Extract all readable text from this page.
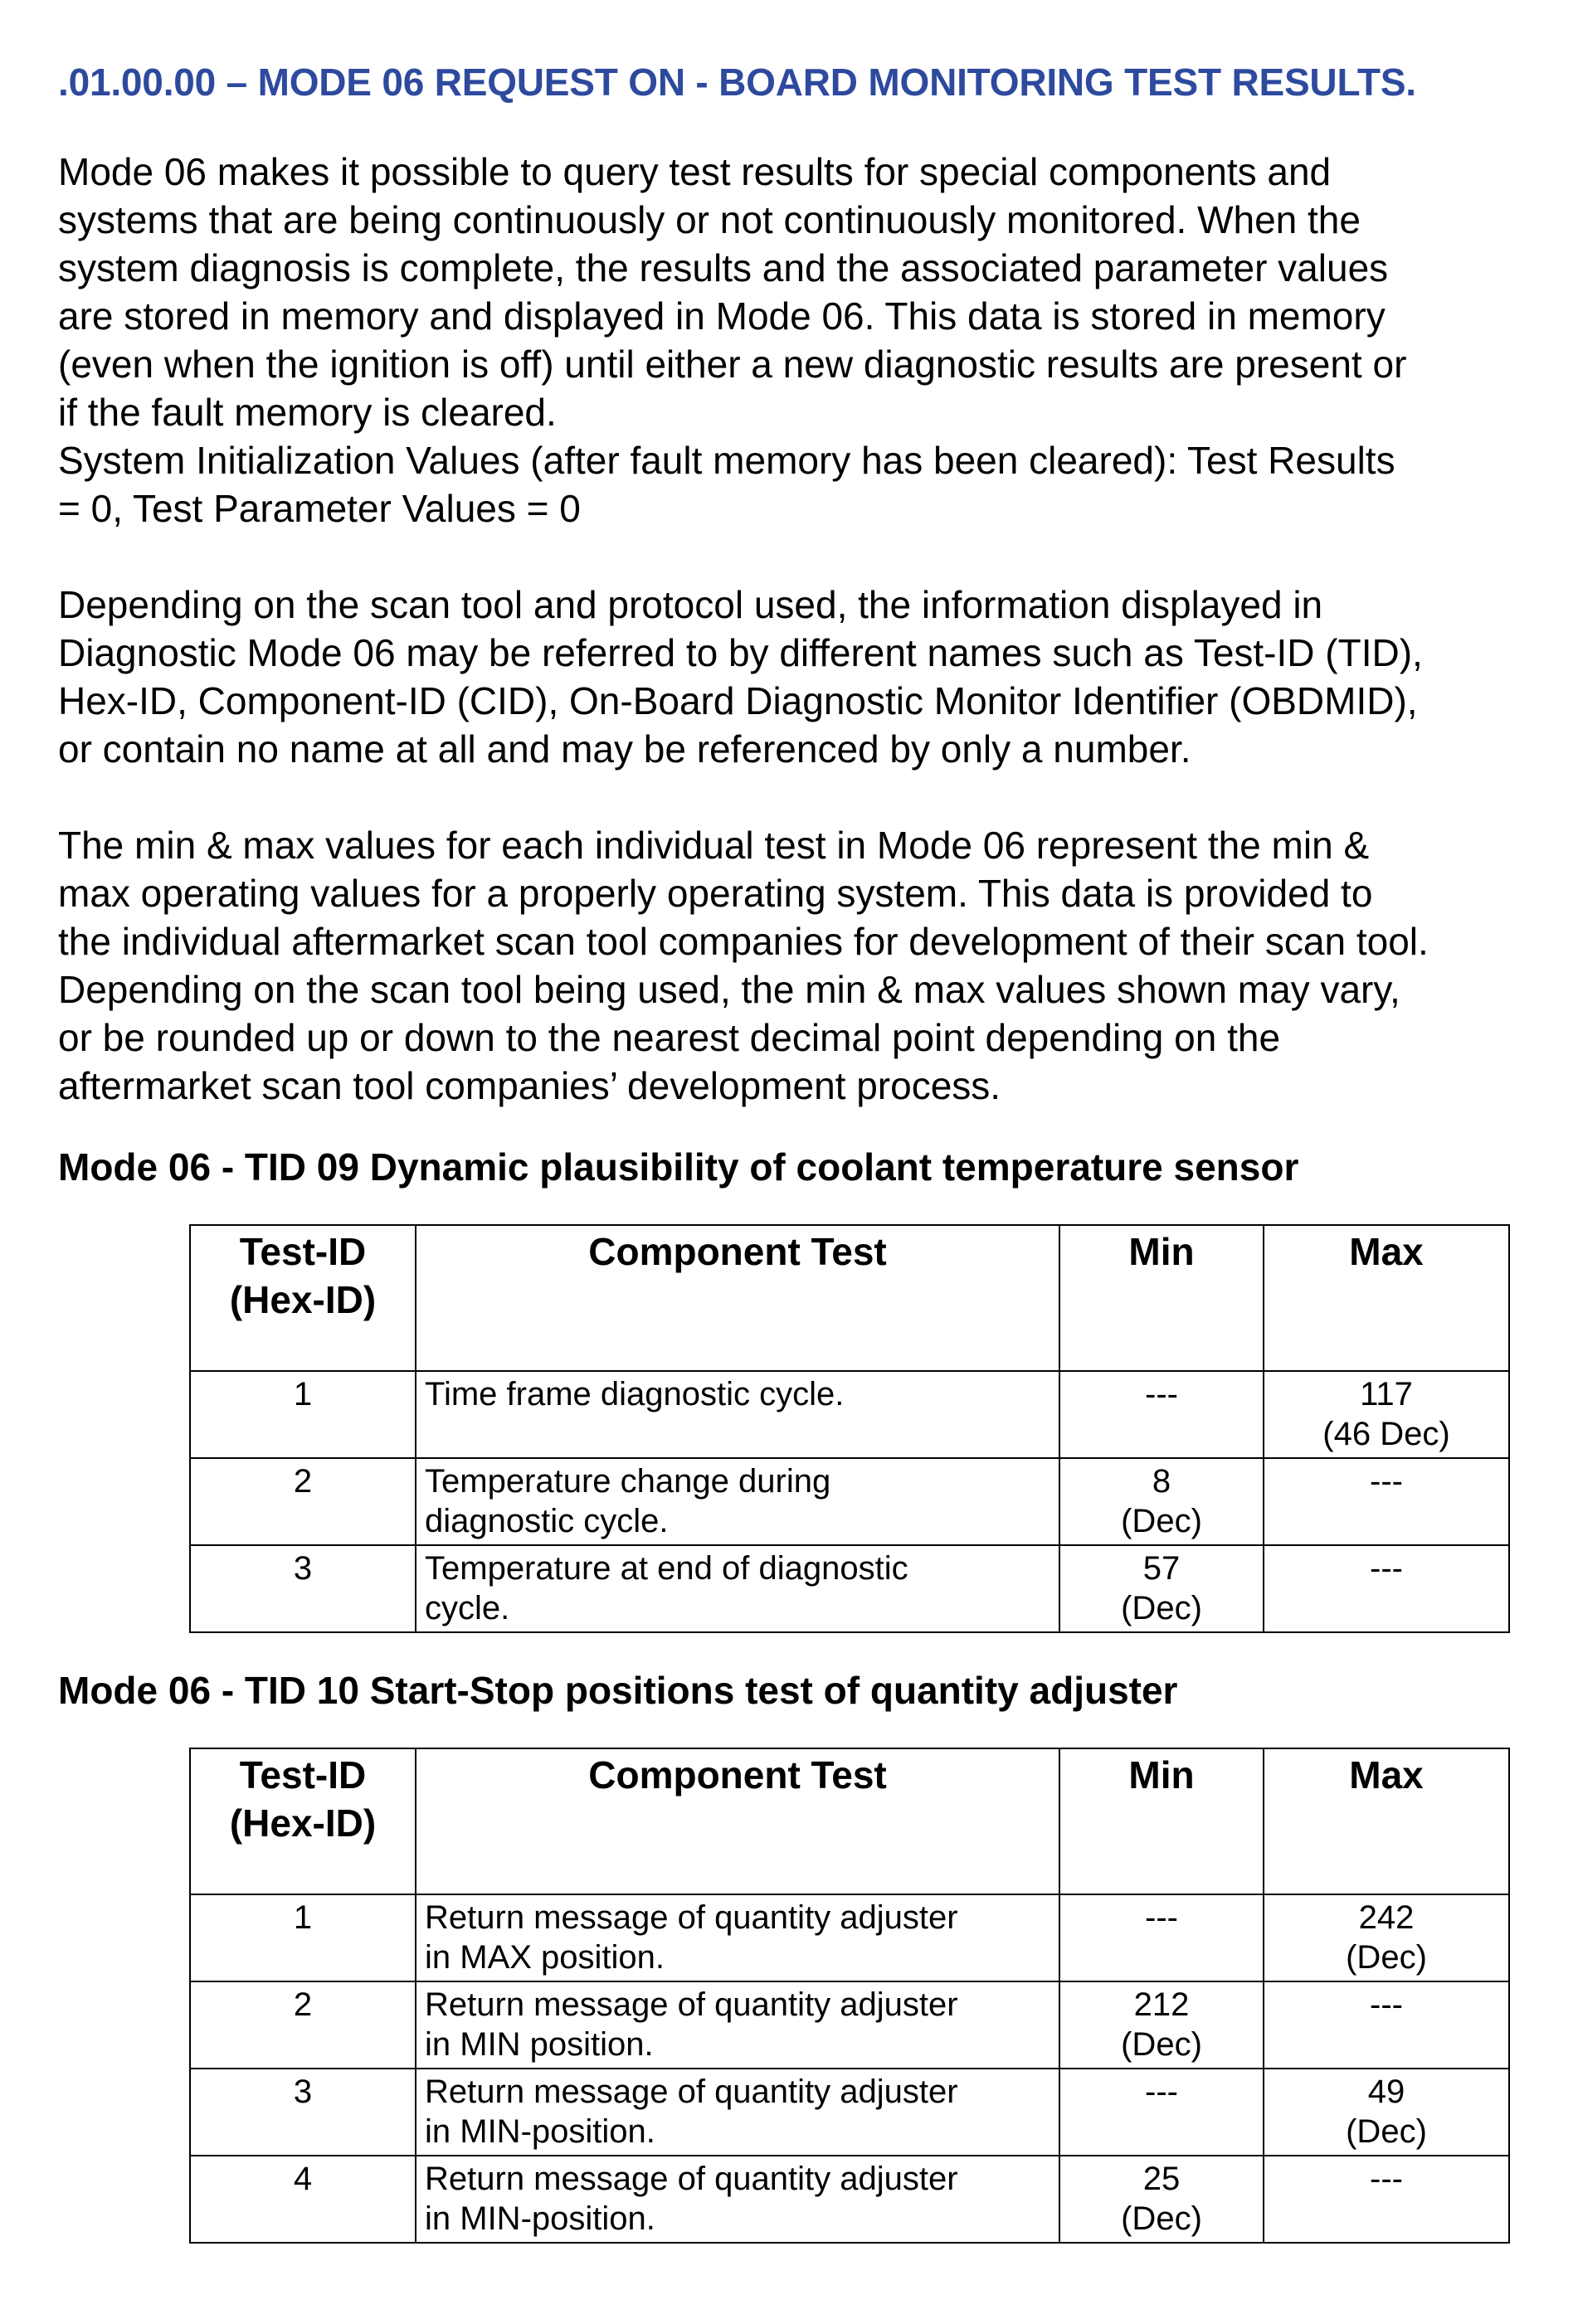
.01.00.00 – MODE 06 REQUEST ON - BOARD MONITORING TEST RESULTS.

Mode 06 makes it possible to query test results for special components and
systems that are being continuously or not continuously monitored. When the
system diagnosis is complete, the results and the associated parameter values
are stored in memory and displayed in Mode 06. This data is stored in memory
(even when the ignition is off) until either a new diagnostic results are present or
if the fault memory is cleared.
System Initialization Values (after fault memory has been cleared): Test Results
= 0, Test Parameter Values = 0

Depending on the scan tool and protocol used, the information displayed in
Diagnostic Mode 06 may be referred to by different names such as Test-ID (TID),
Hex-ID, Component-ID (CID), On-Board Diagnostic Monitor Identifier (OBDMID),
or contain no name at all and may be referenced by only a number.

The min & max values for each individual test in Mode 06 represent the min &
max operating values for a properly operating system. This data is provided to
the individual aftermarket scan tool companies for development of their scan tool.
Depending on the scan tool being used, the min & max values shown may vary,
or be rounded up or down to the nearest decimal point depending on the
aftermarket scan tool companies’ development process.

Mode 06 - TID 09 Dynamic plausibility of coolant temperature sensor
Test-ID
(Hex-ID)	Component Test	Min	Max
1	Time frame diagnostic cycle.	---	117
(46 Dec)

2	Temperature change during
diagnostic cycle.	8
(Dec)	---

3	Temperature at end of diagnostic
cycle.	57
(Dec)	---
Mode 06 - TID 10 Start-Stop positions test of quantity adjuster
Test-ID
(Hex-ID)	Component Test	Min	Max
1	Return message of quantity adjuster
in MAX position.	---	242
(Dec)

2	Return message of quantity adjuster
in MIN position.	212
(Dec)	---

3	Return message of quantity adjuster
in MIN-position.	---	49
(Dec)

4	Return message of quantity adjuster
in MIN-position.	25
(Dec)	---
